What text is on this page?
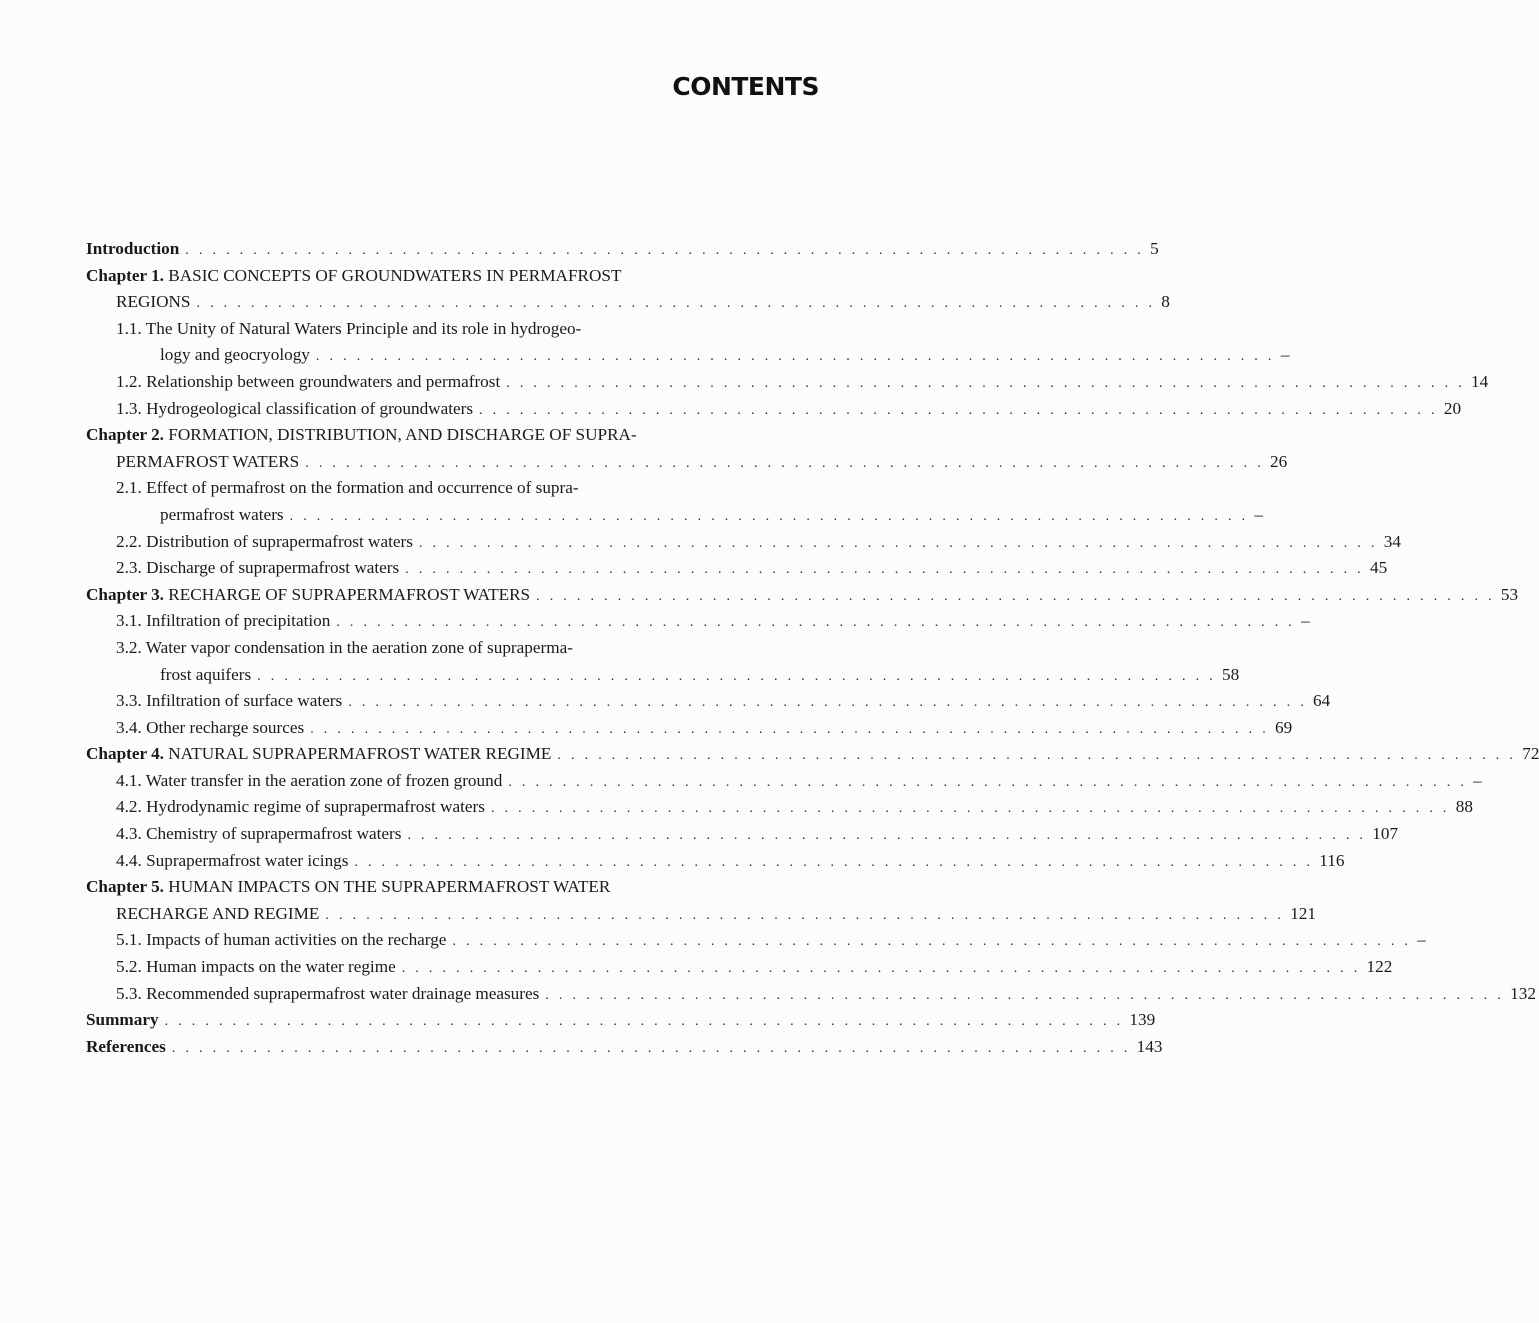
CONTENTS
Introduction . . . . . . . . . . . . . . . . . . . . . . . . . . . . . . . . . . . . . . . . . . . . . . . . . . . . . . . . . . . . . . . . . . . . . . . 5
Chapter 1. BASIC CONCEPTS OF GROUNDWATERS IN PERMAFROST
REGIONS . . . . . . . . . . . . . . . . . . . . . . . . . . . . . . . . . . . . . . . . . . . . . . . . . . . . . . . . . . . . . . . . . . . . . . . 8
1.1. The Unity of Natural Waters Principle and its role in hydrogeo-
logy and geocryology . . . . . . . . . . . . . . . . . . . . . . . . . . . . . . . . . . . . . . . . . . . . . . . . . . . . . . . . . . . . . . . . . . . . . . . –
1.2. Relationship between groundwaters and permafrost . . . . . . . . . . . . . . . . . . . . . . . . . . . . . . . . . . . . . . . . . . . . . . . . . . . . . . . . . . . . . . . . . . . . . . . 14
1.3. Hydrogeological classification of groundwaters . . . . . . . . . . . . . . . . . . . . . . . . . . . . . . . . . . . . . . . . . . . . . . . . . . . . . . . . . . . . . . . . . . . . . . . 20
Chapter 2. FORMATION, DISTRIBUTION, AND DISCHARGE OF SUPRA-
PERMAFROST WATERS . . . . . . . . . . . . . . . . . . . . . . . . . . . . . . . . . . . . . . . . . . . . . . . . . . . . . . . . . . . . . . . . . . . . . . . 26
2.1. Effect of permafrost on the formation and occurrence of supra-
permafrost waters . . . . . . . . . . . . . . . . . . . . . . . . . . . . . . . . . . . . . . . . . . . . . . . . . . . . . . . . . . . . . . . . . . . . . . . –
2.2. Distribution of suprapermafrost waters . . . . . . . . . . . . . . . . . . . . . . . . . . . . . . . . . . . . . . . . . . . . . . . . . . . . . . . . . . . . . . . . . . . . . . . 34
2.3. Discharge of suprapermafrost waters . . . . . . . . . . . . . . . . . . . . . . . . . . . . . . . . . . . . . . . . . . . . . . . . . . . . . . . . . . . . . . . . . . . . . . . 45
Chapter 3. RECHARGE OF SUPRAPERMAFROST WATERS . . . . . . . . . . . . . . . . . . . . . . . . . . . . . . . . . . . . . . . . . . . . . . . . . . . . . . . . . . . . . . . . . . . . . . . 53
3.1. Infiltration of precipitation . . . . . . . . . . . . . . . . . . . . . . . . . . . . . . . . . . . . . . . . . . . . . . . . . . . . . . . . . . . . . . . . . . . . . . . –
3.2. Water vapor condensation in the aeration zone of suprаperma-
frost aquifers . . . . . . . . . . . . . . . . . . . . . . . . . . . . . . . . . . . . . . . . . . . . . . . . . . . . . . . . . . . . . . . . . . . . . . . 58
3.3. Infiltration of surface waters . . . . . . . . . . . . . . . . . . . . . . . . . . . . . . . . . . . . . . . . . . . . . . . . . . . . . . . . . . . . . . . . . . . . . . . 64
3.4. Other recharge sources . . . . . . . . . . . . . . . . . . . . . . . . . . . . . . . . . . . . . . . . . . . . . . . . . . . . . . . . . . . . . . . . . . . . . . . 69
Chapter 4. NATURAL SUPRAPERMAFROST WATER REGIME . . . . . . . . . . . . . . . . . . . . . . . . . . . . . . . . . . . . . . . . . . . . . . . . . . . . . . . . . . . . . . . . . . . . . . . 72
4.1. Water transfer in the aeration zone of frozen ground . . . . . . . . . . . . . . . . . . . . . . . . . . . . . . . . . . . . . . . . . . . . . . . . . . . . . . . . . . . . . . . . . . . . . . . –
4.2. Hydrodynamic regime of suprapermafrost waters . . . . . . . . . . . . . . . . . . . . . . . . . . . . . . . . . . . . . . . . . . . . . . . . . . . . . . . . . . . . . . . . . . . . . . . 88
4.3. Chemistry of suprapermafrost waters . . . . . . . . . . . . . . . . . . . . . . . . . . . . . . . . . . . . . . . . . . . . . . . . . . . . . . . . . . . . . . . . . . . . . . . 107
4.4. Suprapermafrost water icings . . . . . . . . . . . . . . . . . . . . . . . . . . . . . . . . . . . . . . . . . . . . . . . . . . . . . . . . . . . . . . . . . . . . . . . 116
Chapter 5. HUMAN IMPACTS ON THE SUPRAPERMAFROST WATER
RECHARGE AND REGIME . . . . . . . . . . . . . . . . . . . . . . . . . . . . . . . . . . . . . . . . . . . . . . . . . . . . . . . . . . . . . . . . . . . . . . . 121
5.1. Impacts of human activities on the recharge . . . . . . . . . . . . . . . . . . . . . . . . . . . . . . . . . . . . . . . . . . . . . . . . . . . . . . . . . . . . . . . . . . . . . . . –
5.2. Human impacts on the water regime . . . . . . . . . . . . . . . . . . . . . . . . . . . . . . . . . . . . . . . . . . . . . . . . . . . . . . . . . . . . . . . . . . . . . . . 122
5.3. Recommended suprapermafrost water drainage measures . . . . . . . . . . . . . . . . . . . . . . . . . . . . . . . . . . . . . . . . . . . . . . . . . . . . . . . . . . . . . . . . . . . . . . . 132
Summary . . . . . . . . . . . . . . . . . . . . . . . . . . . . . . . . . . . . . . . . . . . . . . . . . . . . . . . . . . . . . . . . . . . . . . . 139
References . . . . . . . . . . . . . . . . . . . . . . . . . . . . . . . . . . . . . . . . . . . . . . . . . . . . . . . . . . . . . . . . . . . . . . . 143
